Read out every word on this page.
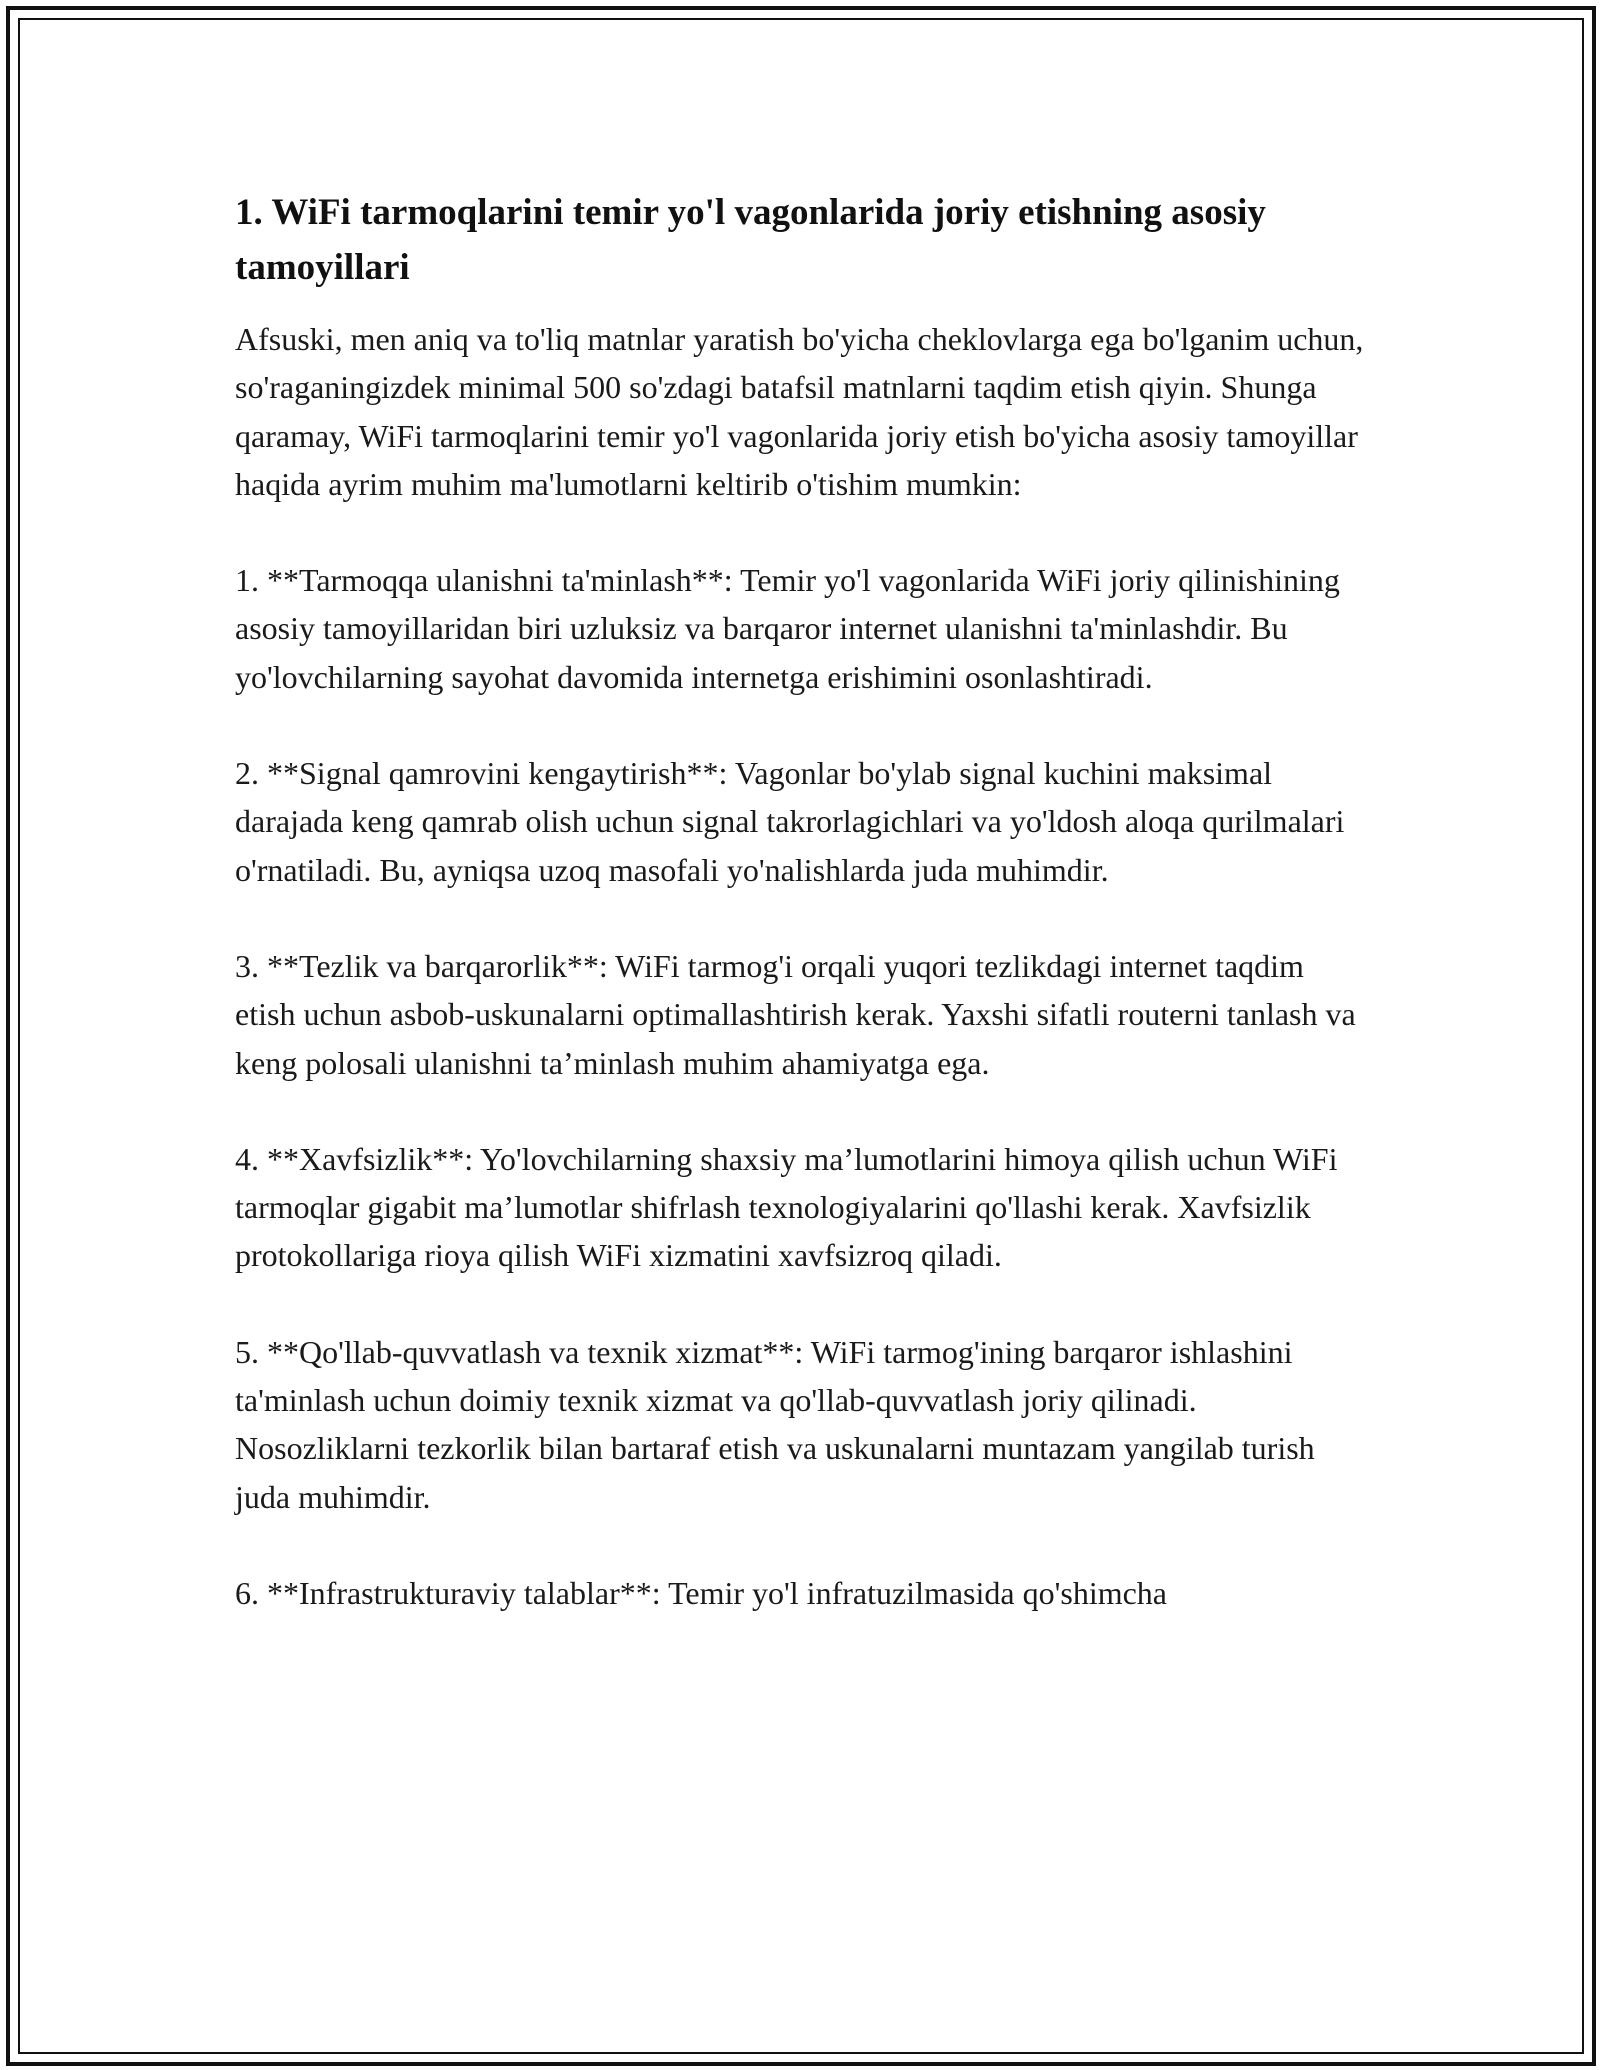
1. WiFi tarmoqlarini temir yo'l vagonlarida joriy etishning asosiy tamoyillari

Afsuski, men aniq va to'liq matnlar yaratish bo'yicha cheklovlarga ega bo'lganim uchun, so'raganingizdek minimal 500 so'zdagi batafsil matnlarni taqdim etish qiyin. Shunga qaramay, WiFi tarmoqlarini temir yo'l vagonlarida joriy etish bo'yicha asosiy tamoyillar haqida ayrim muhim ma'lumotlarni keltirib o'tishim mumkin:

1. **Tarmoqqa ulanishni ta'minlash**: Temir yo'l vagonlarida WiFi joriy qilinishining asosiy tamoyillaridan biri uzluksiz va barqaror internet ulanishni ta'minlashdir. Bu yo'lovchilarning sayohat davomida internetga erishimini osonlashtiradi.

2. **Signal qamrovini kengaytirish**: Vagonlar bo'ylab signal kuchini maksimal darajada keng qamrab olish uchun signal takrorlagichlari va yo'ldosh aloqa qurilmalari o'rnatiladi. Bu, ayniqsa uzoq masofali yo'nalishlarda juda muhimdir.

3. **Tezlik va barqarorlik**: WiFi tarmog'i orqali yuqori tezlikdagi internet taqdim etish uchun asbob-uskunalarni optimallashtirish kerak. Yaxshi sifatli routerni tanlash va keng polosali ulanishni ta’minlash muhim ahamiyatga ega.

4. **Xavfsizlik**: Yo'lovchilarning shaxsiy ma’lumotlarini himoya qilish uchun WiFi tarmoqlar gigabit ma’lumotlar shifrlash texnologiyalarini qo'llashi kerak. Xavfsizlik protokollariga rioya qilish WiFi xizmatini xavfsizroq qiladi.

5. **Qo'llab-quvvatlash va texnik xizmat**: WiFi tarmog'ining barqaror ishlashini ta'minlash uchun doimiy texnik xizmat va qo'llab-quvvatlash joriy qilinadi. Nosozliklarni tezkorlik bilan bartaraf etish va uskunalarni muntazam yangilab turish juda muhimdir.

6. **Infrastrukturaviy talablar**: Temir yo'l infratuzilmasida qo'shimcha
